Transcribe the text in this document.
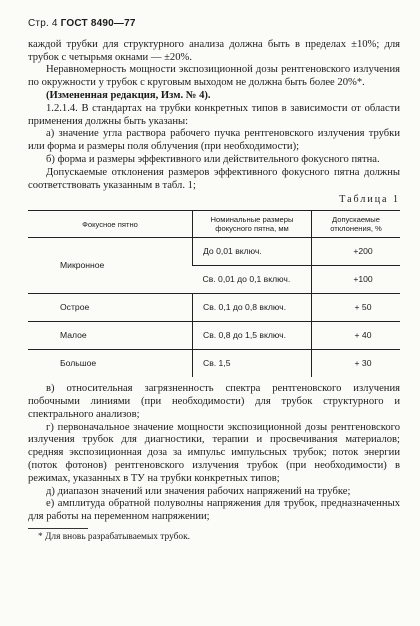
Стр. 4 ГОСТ 8490—77

каждой трубки для структурного анализа должна быть в пределах ±10%; для трубок с четырьмя окнами — ±20%.

Неравномерность мощности экспозиционной дозы рентгеновского излучения по окружности у трубок с круговым выходом не должна быть более 20%*.

(Измененная редакция, Изм. № 4).

1.2.1.4. В стандартах на трубки конкретных типов в зависимости от области применения должны быть указаны:

а) значение угла раствора рабочего пучка рентгеновского излучения трубки или форма и размеры поля облучения (при необходимости);

б) форма и размеры эффективного или действительного фокусного пятна.

Допускаемые отклонения размеров эффективного фокусного пятна должны соответствовать указанным в табл. 1;

Таблица 1
Фокусное пятно	Номинальные размеры фокусного пятна, мм	Допускаемые отклонения, %
Микронное	До 0,01 включ.	+200
	Св. 0,01 до 0,1 включ.	+100
Острое	Св. 0,1 до 0,8 включ.	+ 50
Малое	Св. 0,8 до 1,5 включ.	+ 40
Большое	Св. 1,5	+ 30

в) относительная загрязненность спектра рентгеновского излучения побочными линиями (при необходимости) для трубок структурного и спектрального анализов;

г) первоначальное значение мощности экспозиционной дозы рентгеновского излучения трубок для диагностики, терапии и просвечивания материалов; средняя экспозиционная доза за импульс импульсных трубок; поток энергии (поток фотонов) рентгеновского излучения трубок (при необходимости) в режимах, указанных в ТУ на трубки конкретных типов;

д) диапазон значений или значения рабочих напряжений на трубке;

е) амплитуда обратной полуволны напряжения для трубок, предназначенных для работы на переменном напряжении;

* Для вновь разрабатываемых трубок.
